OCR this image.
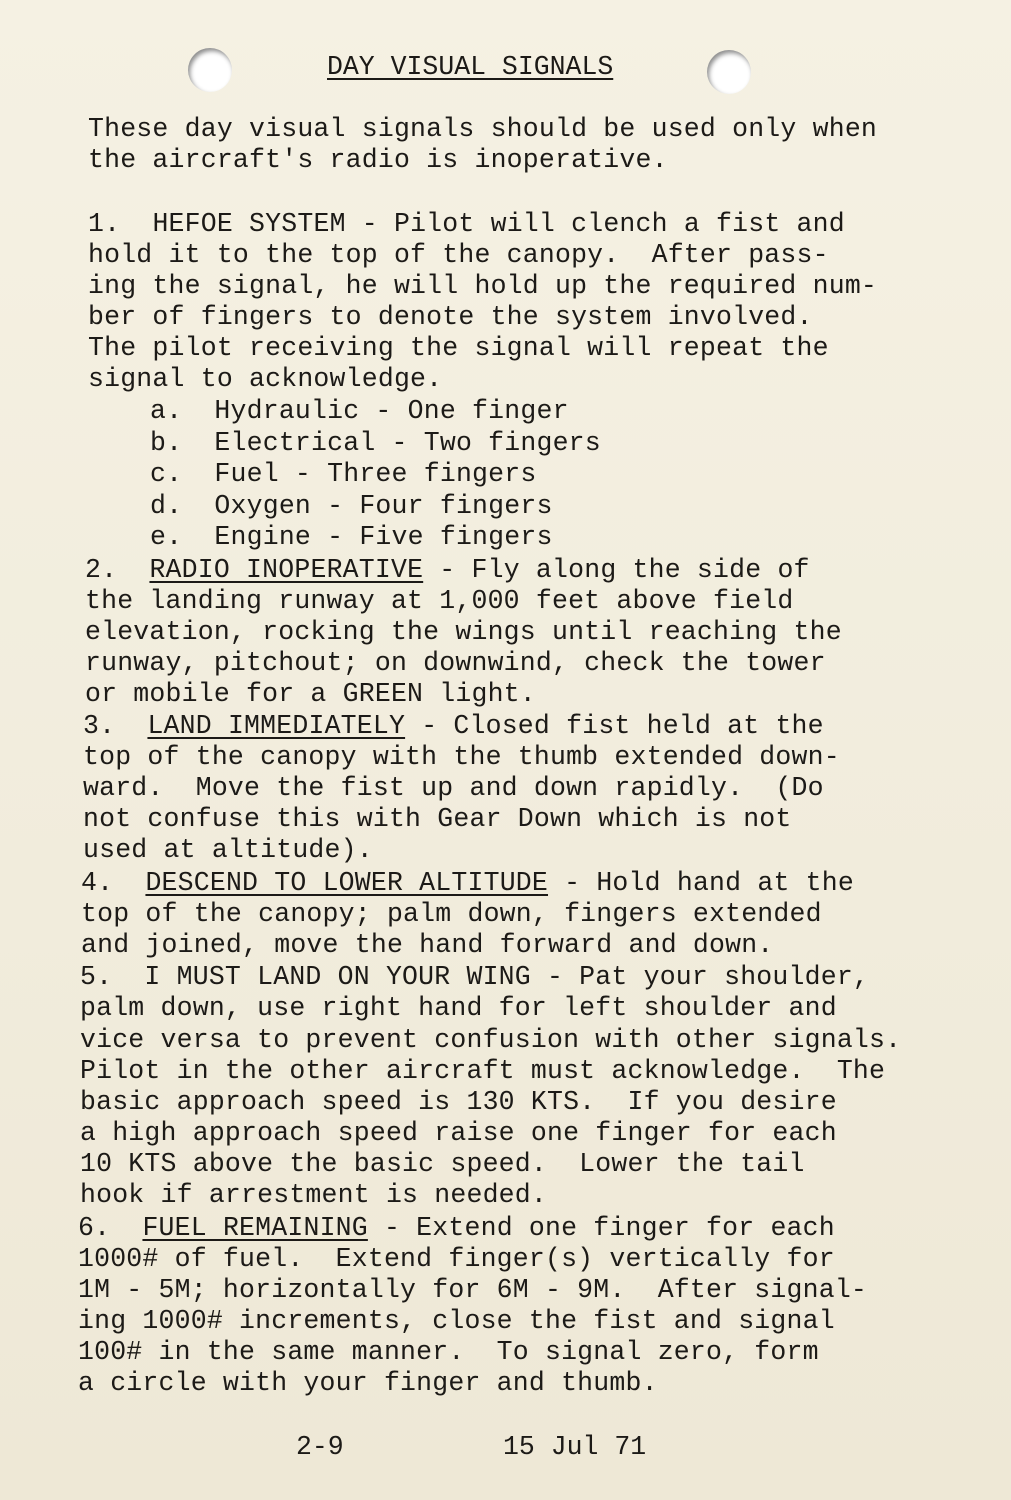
DAY VISUAL SIGNALS
These day visual signals should be used only when
the aircraft's radio is inoperative.
1. HEFOE SYSTEM - Pilot will clench a fist and
hold it to the top of the canopy.  After pass-
ing the signal, he will hold up the required num-
ber of fingers to denote the system involved.
The pilot receiving the signal will repeat the
signal to acknowledge.
a.  Hydraulic - One finger
b.  Electrical - Two fingers
c.  Fuel - Three fingers
d.  Oxygen - Four fingers
e.  Engine - Five fingers
2. RADIO INOPERATIVE - Fly along the side of
the landing runway at 1,000 feet above field
elevation, rocking the wings until reaching the
runway, pitchout; on downwind, check the tower
or mobile for a GREEN light.
3. LAND IMMEDIATELY - Closed fist held at the
top of the canopy with the thumb extended down-
ward.  Move the fist up and down rapidly.  (Do
not confuse this with Gear Down which is not
used at altitude).
4. DESCEND TO LOWER ALTITUDE - Hold hand at the
top of the canopy; palm down, fingers extended
and joined, move the hand forward and down.
5.  I MUST LAND ON YOUR WING - Pat your shoulder,
palm down, use right hand for left shoulder and
vice versa to prevent confusion with other signals.
Pilot in the other aircraft must acknowledge.  The
basic approach speed is 130 KTS.  If you desire
a high approach speed raise one finger for each
10 KTS above the basic speed.  Lower the tail
hook if arrestment is needed.
6. FUEL REMAINING - Extend one finger for each
1000# of fuel.  Extend finger(s) vertically for
1M - 5M; horizontally for 6M - 9M.  After signal-
ing 1000# increments, close the fist and signal
100# in the same manner.  To signal zero, form
a circle with your finger and thumb.
2-9	15 Jul 71
